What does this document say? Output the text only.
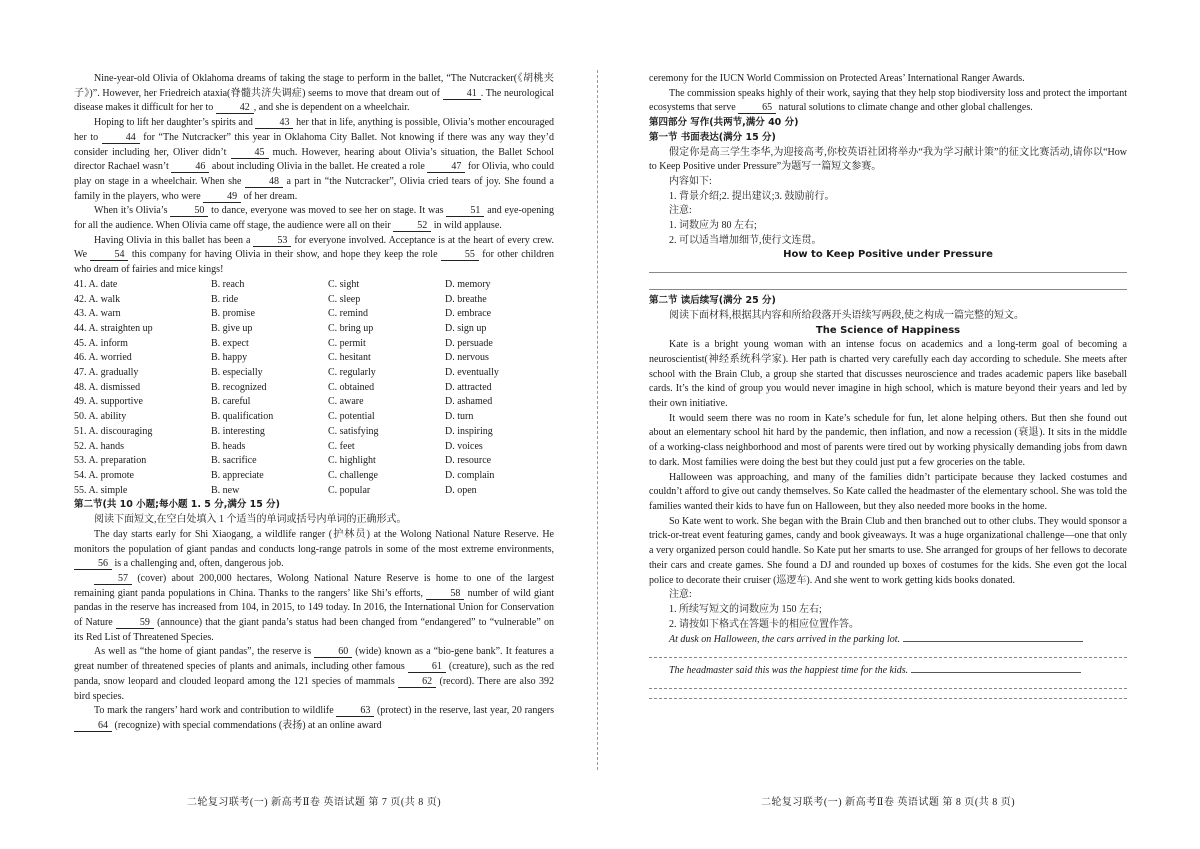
Nine-year-old Olivia of Oklahoma dreams of taking the stage to perform in the ballet, “The Nutcracker(《胡桃夹子》)”. However, her Friedreich ataxia(脊髓共济失调症) seems to move that dream out of 41 . The neurological disease makes it difficult for her to 42 , and she is dependent on a wheelchair.

Hoping to lift her daughter’s spirits and 43 her that in life, anything is possible, Olivia’s mother encouraged her to 44 for “The Nutcracker” this year in Oklahoma City Ballet. Not knowing if there was any way they’d consider including her, Oliver didn’t 45 much. However, hearing about Olivia’s situation, the Ballet School director Rachael wasn’t 46 about including Olivia in the ballet. He created a role 47 for Olivia, who could play on stage in a wheelchair. When she 48 a part in “the Nutcracker”, Olivia cried tears of joy. She found a family in the players, who were 49 of her dream.

When it’s Olivia’s 50 to dance, everyone was moved to see her on stage. It was 51 and eye-opening for all the audience. When Olivia came off stage, the audience were all on their 52 in wild applause.

Having Olivia in this ballet has been a 53 for everyone involved. Acceptance is at the heart of every crew. We 54 this company for having Olivia in their show, and hope they keep the role 55 for other children who dream of fairies and mice kings!

41. A. date	B. reach	C. sight	D. memory
42. A. walk	B. ride	C. sleep	D. breathe
43. A. warn	B. promise	C. remind	D. embrace
44. A. straighten up	B. give up	C. bring up	D. sign up
45. A. inform	B. expect	C. permit	D. persuade
46. A. worried	B. happy	C. hesitant	D. nervous
47. A. gradually	B. especially	C. regularly	D. eventually
48. A. dismissed	B. recognized	C. obtained	D. attracted
49. A. supportive	B. careful	C. aware	D. ashamed
50. A. ability	B. qualification	C. potential	D. turn
51. A. discouraging	B. interesting	C. satisfying	D. inspiring
52. A. hands	B. heads	C. feet	D. voices
53. A. preparation	B. sacrifice	C. highlight	D. resource
54. A. promote	B. appreciate	C. challenge	D. complain
55. A. simple	B. new	C. popular	D. open

第二节(共 10 小题;每小题 1. 5 分,满分 15 分)

阅读下面短文,在空白处填入 1 个适当的单词或括号内单词的正确形式。

The day starts early for Shi Xiaogang, a wildlife ranger (护林员) at the Wolong National Nature Reserve. He monitors the population of giant pandas and conducts long-range patrols in some of the most extreme environments, 56 is a challenging and, often, dangerous job.

57 (cover) about 200,000 hectares, Wolong National Nature Reserve is home to one of the largest remaining giant panda populations in China. Thanks to the rangers’ like Shi’s efforts, 58 number of wild giant pandas in the reserve has increased from 104, in 2015, to 149 today. In 2016, the International Union for Conservation of Nature 59 (announce) that the giant panda’s status had been changed from “endangered” to “vulnerable” on its Red List of Threatened Species.

As well as “the home of giant pandas”, the reserve is 60 (wide) known as a “bio-gene bank”. It features a great number of threatened species of plants and animals, including other famous 61 (creature), such as the red panda, snow leopard and clouded leopard among the 121 species of mammals 62 (record). There are also 392 bird species.

To mark the rangers’ hard work and contribution to wildlife 63 (protect) in the reserve, last year, 20 rangers 64 (recognize) with special commendations (表扬) at an online award

二轮复习联考(一) 新高考Ⅱ卷 英语试题 第 7 页(共 8 页)

ceremony for the IUCN World Commission on Protected Areas’ International Ranger Awards.

The commission speaks highly of their work, saying that they help stop biodiversity loss and protect the important ecosystems that serve 65 natural solutions to climate change and other global challenges.

第四部分 写作(共两节,满分 40 分)

第一节 书面表达(满分 15 分)

假定你是高三学生李华,为迎接高考,你校英语社团将举办“我为学习献计策”的征文比赛活动,请你以“How to Keep Positive under Pressure”为题写一篇短文参赛。

内容如下:

1. 背景介绍;2. 提出建议;3. 鼓励前行。

注意:

1. 词数应为 80 左右;

2. 可以适当增加细节,使行文连贯。

How to Keep Positive under Pressure

第二节 读后续写(满分 25 分)

阅读下面材料,根据其内容和所给段落开头语续写两段,使之构成一篇完整的短文。

The Science of Happiness

Kate is a bright young woman with an intense focus on academics and a long-term goal of becoming a neuroscientist(神经系统科学家). Her path is charted very carefully each day according to schedule. She meets after school with the Brain Club, a group she started that discusses neuroscience and trades academic papers like baseball cards. It’s the kind of group you would never imagine in high school, which is mature beyond their years and led by their own initiative.

It would seem there was no room in Kate’s schedule for fun, let alone helping others. But then she found out about an elementary school hit hard by the pandemic, then inflation, and now a recession (衰退). It sits in the middle of a working-class neighborhood and most of parents were tired out by working physically demanding jobs from dawn to dark. Most families were doing the best but they could just put a few groceries on the table.

Halloween was approaching, and many of the families didn’t participate because they lacked costumes and couldn’t afford to give out candy themselves. So Kate called the headmaster of the elementary school. She was told the families wanted their kids to have fun on Halloween, but they also needed more books in the home.

So Kate went to work. She began with the Brain Club and then branched out to other clubs. They would sponsor a trick-or-treat event featuring games, candy and book giveaways. It was a huge organizational challenge—one that only a very organized person could handle. So Kate put her smarts to use. She arranged for groups of her fellows to decorate their cars and create games. She found a DJ and rounded up boxes of costumes for the kids. She even got the local police to decorate their cruiser (巡逻车). And she went to work getting kids books donated.

注意:

1. 所续写短文的词数应为 150 左右;

2. 请按如下格式在答题卡的相应位置作答。

At dusk on Halloween, the cars arrived in the parking lot.

The headmaster said this was the happiest time for the kids.

二轮复习联考(一) 新高考Ⅱ卷 英语试题 第 8 页(共 8 页)
